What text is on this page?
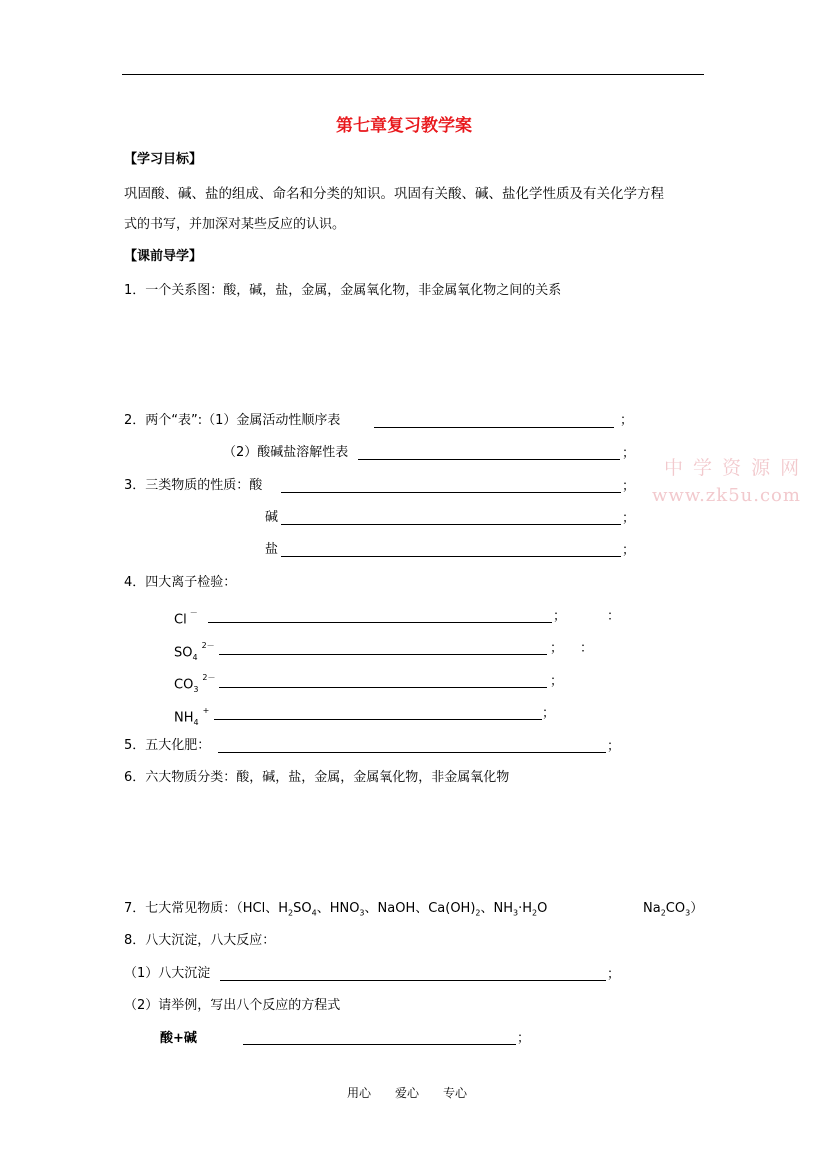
第七章复习教学案
【学习目标】
巩固酸、碱、盐的组成、命名和分类的知识。巩固有关酸、碱、盐化学性质及有关化学方程
式的书写，并加深对某些反应的认识。
【课前导学】
1．一个关系图：酸，碱，盐，金属，金属氧化物，非金属氧化物之间的关系
2．两个“表”:（1）金属活动性顺序表	；
（2）酸碱盐溶解性表	；
3．三类物质的性质：酸	；
碱	；
盐	；
4．四大离子检验：
Cl －	；	：
$SO_4^{2-}$	； ：
$CO_3^{2-}$	；
$NH_4^+$	；
5．五大化肥：	；
6．六大物质分类：酸，碱，盐，金属，金属氧化物，非金属氧化物
7．七大常见物质：（HCl、$H_2SO_4$、$HNO_3$、NaOH、$Ca(OH)_2$、$NH_3\cdot H_2O$	$Na_2CO_3$）
8．八大沉淀，八大反应：
（1）八大沉淀	；
（2）请举例，写出八个反应的方程式
酸+碱	；
中 学 资 源 网
www.zk5u.com
用心　　爱心　　专心
